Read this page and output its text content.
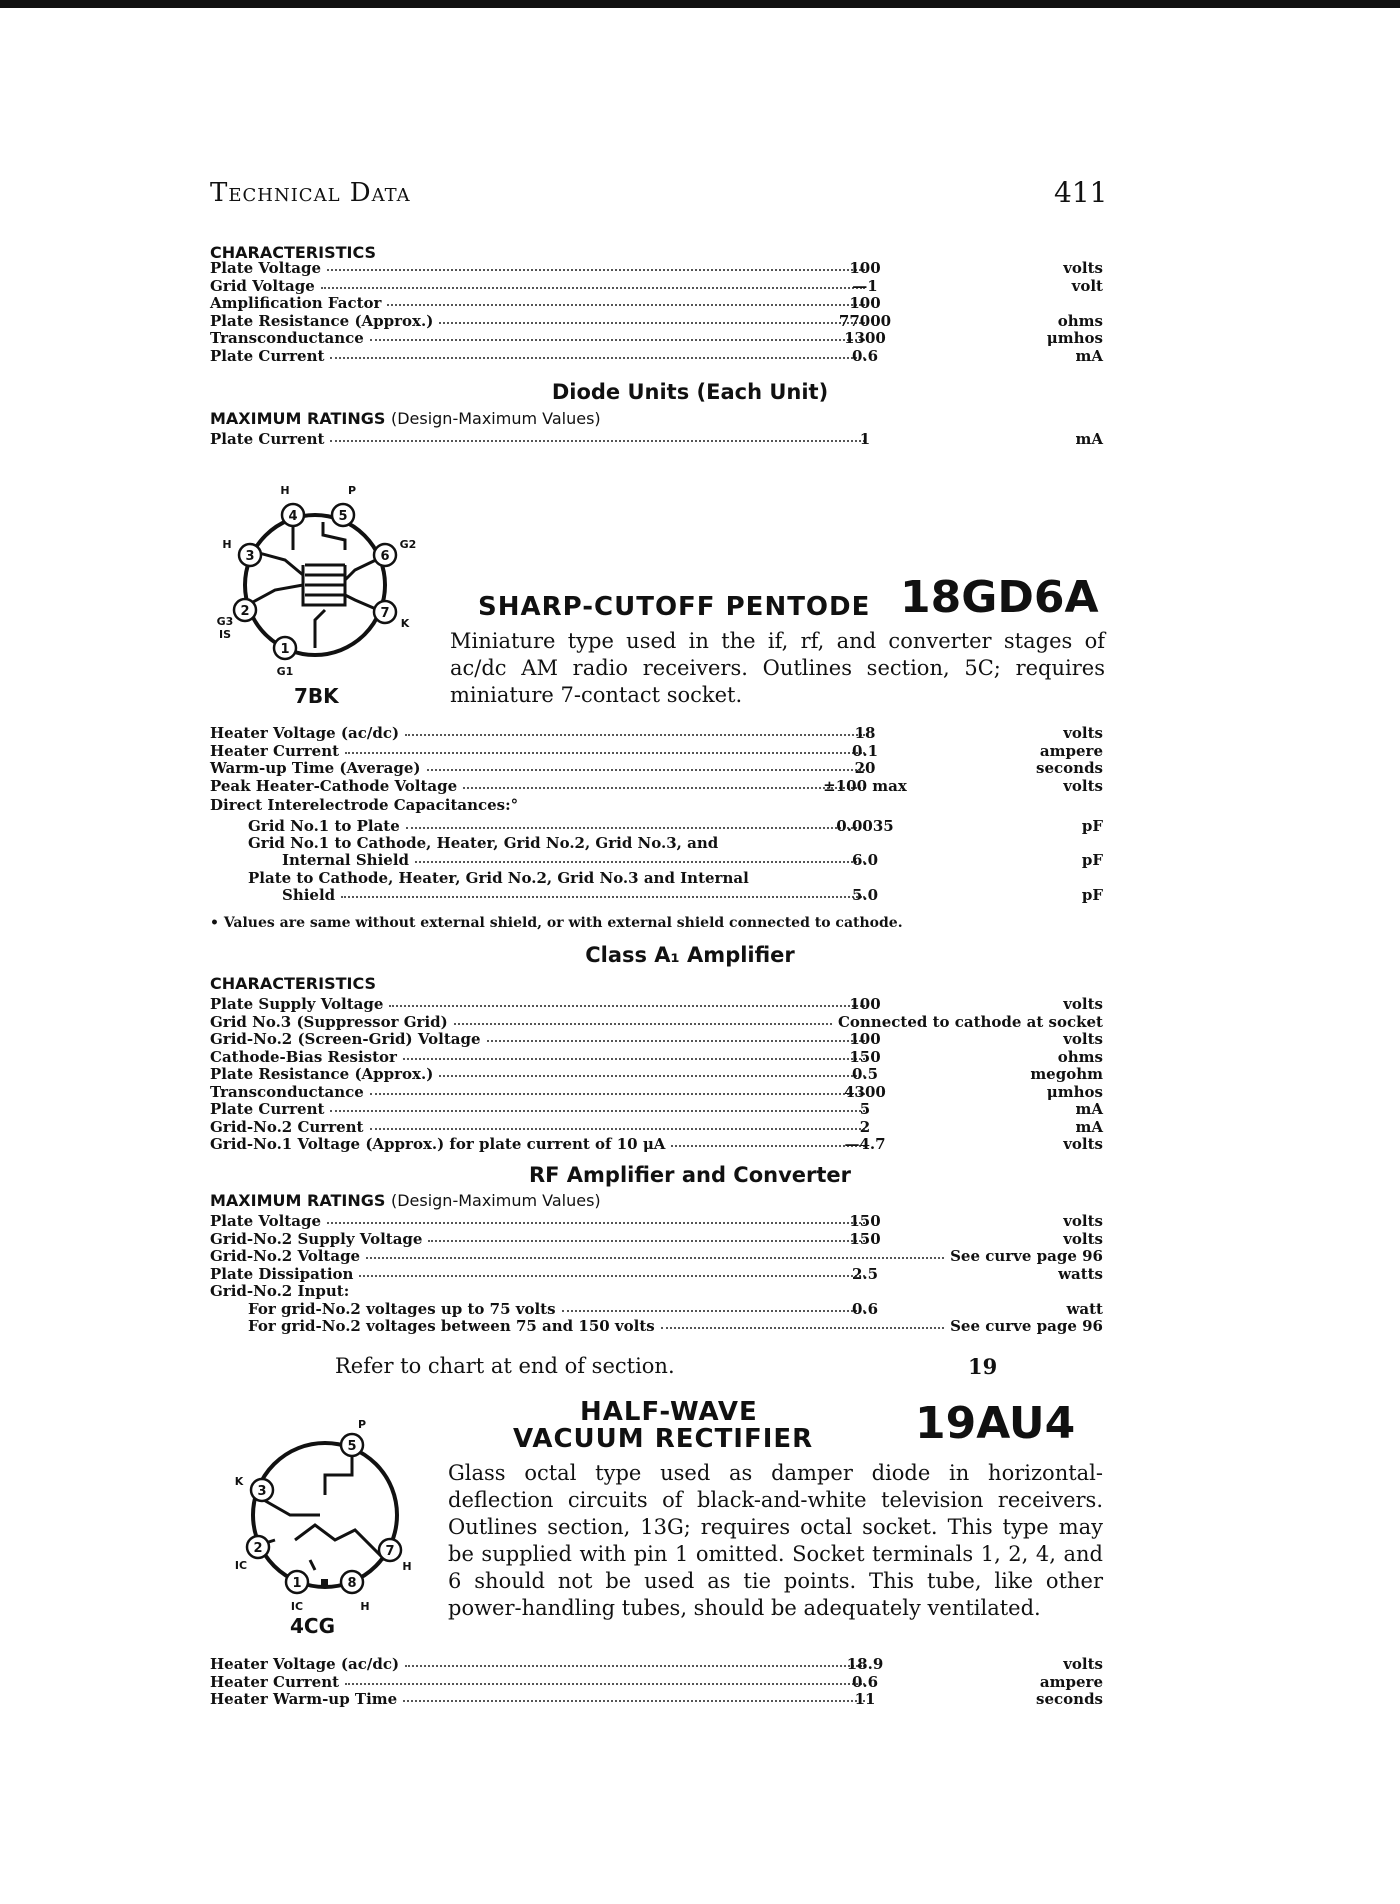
Technical Data	411
CHARACTERISTICS
Plate Voltage	100	volts
Grid Voltage	—1	volt
Amplification Factor	100
Plate Resistance (Approx.)	77000	ohms
Transconductance	1300	μmhos
Plate Current	0.6	mA
Diode Units (Each Unit)
MAXIMUM RATINGS (Design-Maximum Values)
Plate Current	1	mA
4	5
3	6
2	7
1
H	P
H	G2
G3
IS
K
G1
7BK
SHARP-CUTOFF PENTODE 18GD6A
Miniature type used in the if, rf, and converter stages of ac/dc AM radio receivers. Outlines section, 5C; requires miniature 7-contact socket.
Heater Voltage (ac/dc)	18	volts
Heater Current	0.1	ampere
Warm-up Time (Average)	20	seconds
Peak Heater-Cathode Voltage	±100 max	volts
Direct Interelectrode Capacitances:°
Grid No.1 to Plate	0.0035	pF
Grid No.1 to Cathode, Heater, Grid No.2, Grid No.3, and
Internal Shield	6.0	pF
Plate to Cathode, Heater, Grid No.2, Grid No.3 and Internal
Shield	5.0	pF
• Values are same without external shield, or with external shield connected to cathode.
Class A₁ Amplifier
CHARACTERISTICS
Plate Supply Voltage	100	volts
Grid No.3 (Suppressor Grid)	Connected to cathode at socket
Grid-No.2 (Screen-Grid) Voltage	100	volts
Cathode-Bias Resistor	150	ohms
Plate Resistance (Approx.)	0.5	megohm
Transconductance	4300	μmhos
Plate Current	5	mA
Grid-No.2 Current	2	mA
Grid-No.1 Voltage (Approx.) for plate current of 10 μA	—4.7	volts
RF Amplifier and Converter
MAXIMUM RATINGS (Design-Maximum Values)
Plate Voltage	150	volts
Grid-No.2 Supply Voltage	150	volts
Grid-No.2 Voltage	See curve page 96
Plate Dissipation	2.5	watts
Grid-No.2 Input:
For grid-No.2 voltages up to 75 volts	0.6	watt
For grid-No.2 voltages between 75 and 150 volts	See curve page 96
Refer to chart at end of section.	19
HALF-WAVE
VACUUM RECTIFIER 19AU4
5
3
2	7
1	8
P
K
IC	H
IC	H
4CG
Glass octal type used as damper diode in horizontal-deflection circuits of black-and-white television receivers. Outlines section, 13G; requires octal socket. This type may be supplied with pin 1 omitted. Socket terminals 1, 2, 4, and 6 should not be used as tie points. This tube, like other power-handling tubes, should be adequately ventilated.
Heater Voltage (ac/dc)	18.9	volts
Heater Current	0.6	ampere
Heater Warm-up Time	11	seconds
